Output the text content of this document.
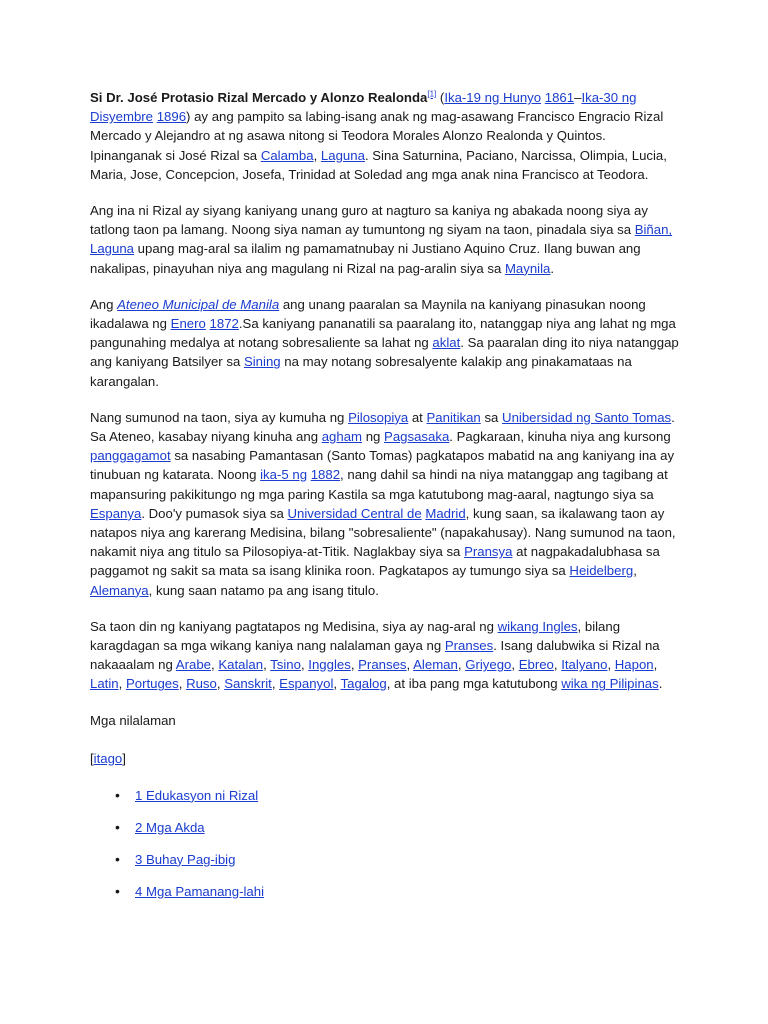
Si Dr. José Protasio Rizal Mercado y Alonzo Realonda[1] (Ika-19 ng Hunyo 1861–Ika-30 ng Disyembre 1896) ay ang pampito sa labing-isang anak ng mag-asawang Francisco Engracio Rizal Mercado y Alejandro at ng asawa nitong si Teodora Morales Alonzo Realonda y Quintos. Ipinanganak si José Rizal sa Calamba, Laguna. Sina Saturnina, Paciano, Narcissa, Olimpia, Lucia, Maria, Jose, Concepcion, Josefa, Trinidad at Soledad ang mga anak nina Francisco at Teodora.

Ang ina ni Rizal ay siyang kaniyang unang guro at nagturo sa kaniya ng abakada noong siya ay tatlong taon pa lamang. Noong siya naman ay tumuntong ng siyam na taon, pinadala siya sa Biñan, Laguna upang mag-aral sa ilalim ng pamamatnubay ni Justiano Aquino Cruz. Ilang buwan ang nakalipas, pinayuhan niya ang magulang ni Rizal na pag-aralin siya sa Maynila.

Ang Ateneo Municipal de Manila ang unang paaralan sa Maynila na kaniyang pinasukan noong ikadalawa ng Enero 1872.Sa kaniyang pananatili sa paaralang ito, natanggap niya ang lahat ng mga pangunahing medalya at notang sobresaliente sa lahat ng aklat. Sa paaralan ding ito niya natanggap ang kaniyang Batsilyer sa Sining na may notang sobresalyente kalakip ang pinakamataas na karangalan.

Nang sumunod na taon, siya ay kumuha ng Pilosopiya at Panitikan sa Unibersidad ng Santo Tomas. Sa Ateneo, kasabay niyang kinuha ang agham ng Pagsasaka. Pagkaraan, kinuha niya ang kursong panggagamot sa nasabing Pamantasan (Santo Tomas) pagkatapos mabatid na ang kaniyang ina ay tinubuan ng katarata. Noong ika-5 ng 1882, nang dahil sa hindi na niya matanggap ang tagibang at mapansuring pakikitungo ng mga paring Kastila sa mga katutubong mag-aaral, nagtungo siya sa Espanya. Doo'y pumasok siya sa Universidad Central de Madrid, kung saan, sa ikalawang taon ay natapos niya ang karerang Medisina, bilang "sobresaliente" (napakahusay). Nang sumunod na taon, nakamit niya ang titulo sa Pilosopiya-at-Titik. Naglakbay siya sa Pransya at nagpakadalubhasa sa paggamot ng sakit sa mata sa isang klinika roon. Pagkatapos ay tumungo siya sa Heidelberg, Alemanya, kung saan natamo pa ang isang titulo.

Sa taon din ng kaniyang pagtatapos ng Medisina, siya ay nag-aral ng wikang Ingles, bilang karagdagan sa mga wikang kaniya nang nalalaman gaya ng Pranses. Isang dalubwika si Rizal na nakaaalam ng Arabe, Katalan, Tsino, Inggles, Pranses, Aleman, Griyego, Ebreo, Italyano, Hapon, Latin, Portuges, Ruso, Sanskrit, Espanyol, Tagalog, at iba pang mga katutubong wika ng Pilipinas.

Mga nilalaman
[itago]
• 1 Edukasyon ni Rizal
• 2 Mga Akda
• 3 Buhay Pag-ibig
• 4 Mga Pamanang-lahi
